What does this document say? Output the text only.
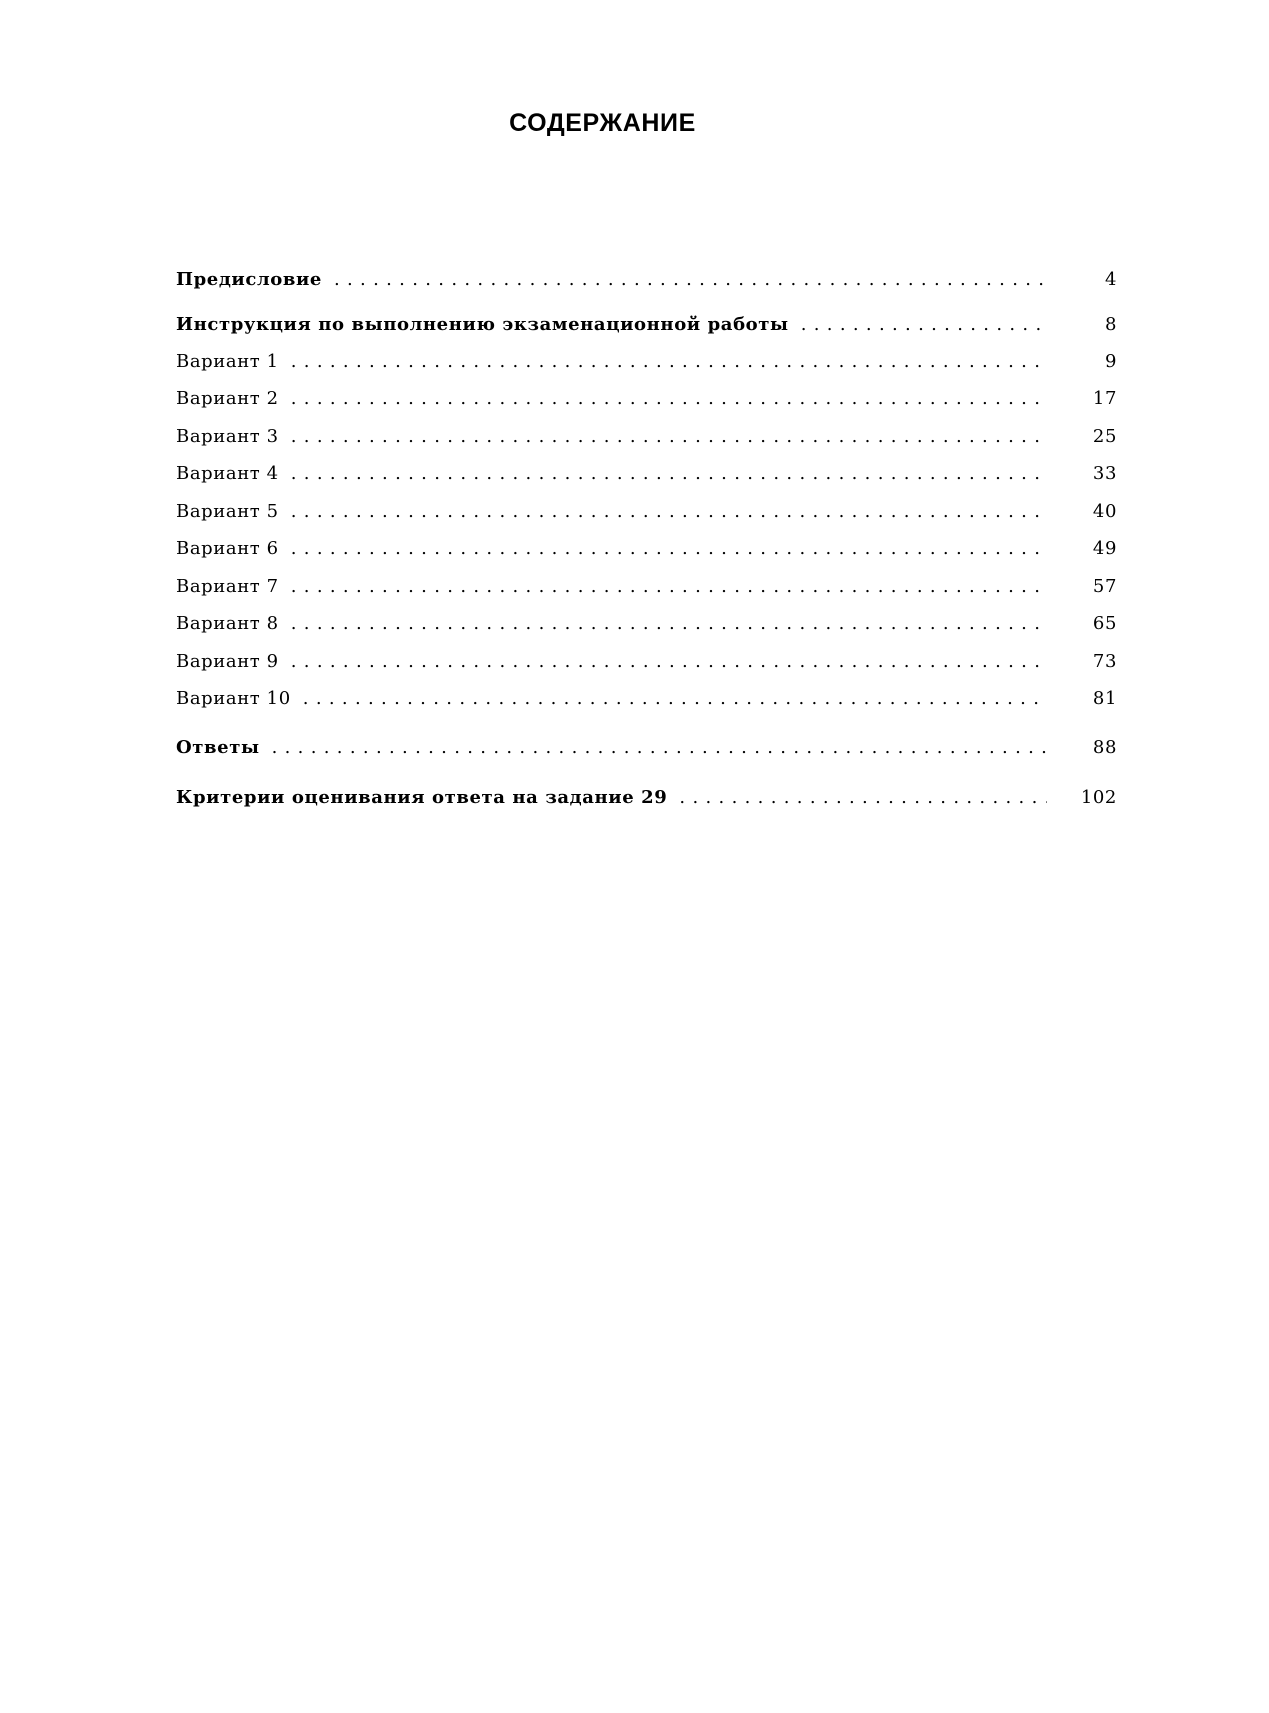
СОДЕРЖАНИЕ
Предисловие . . .	4
Инструкция по выполнению экзаменационной работы . . .	8
Вариант 1 . . .	9
Вариант 2 . . .	17
Вариант 3 . . .	25
Вариант 4 . . .	33
Вариант 5 . . .	40
Вариант 6 . . .	49
Вариант 7 . . .	57
Вариант 8 . . .	65
Вариант 9 . . .	73
Вариант 10 . . .	81
Ответы . . .	88
Критерии оценивания ответа на задание 29 . . .	102
